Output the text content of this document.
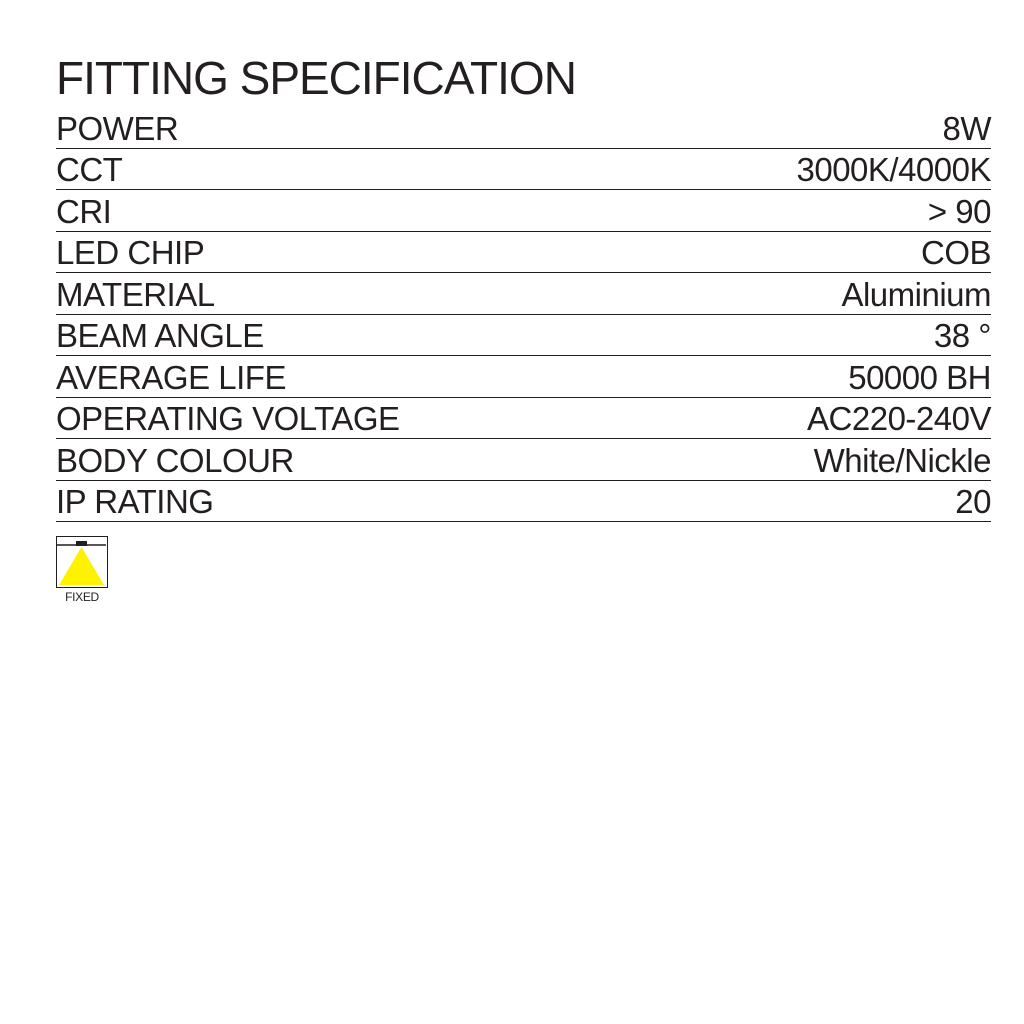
FITTING SPECIFICATION
POWER	8W
CCT	3000K/4000K
CRI	> 90
LED CHIP	COB
MATERIAL	Aluminium
BEAM ANGLE	38 °
AVERAGE LIFE	50000 BH
OPERATING VOLTAGE	AC220-240V
BODY COLOUR	White/Nickle
IP RATING	20
FIXED
